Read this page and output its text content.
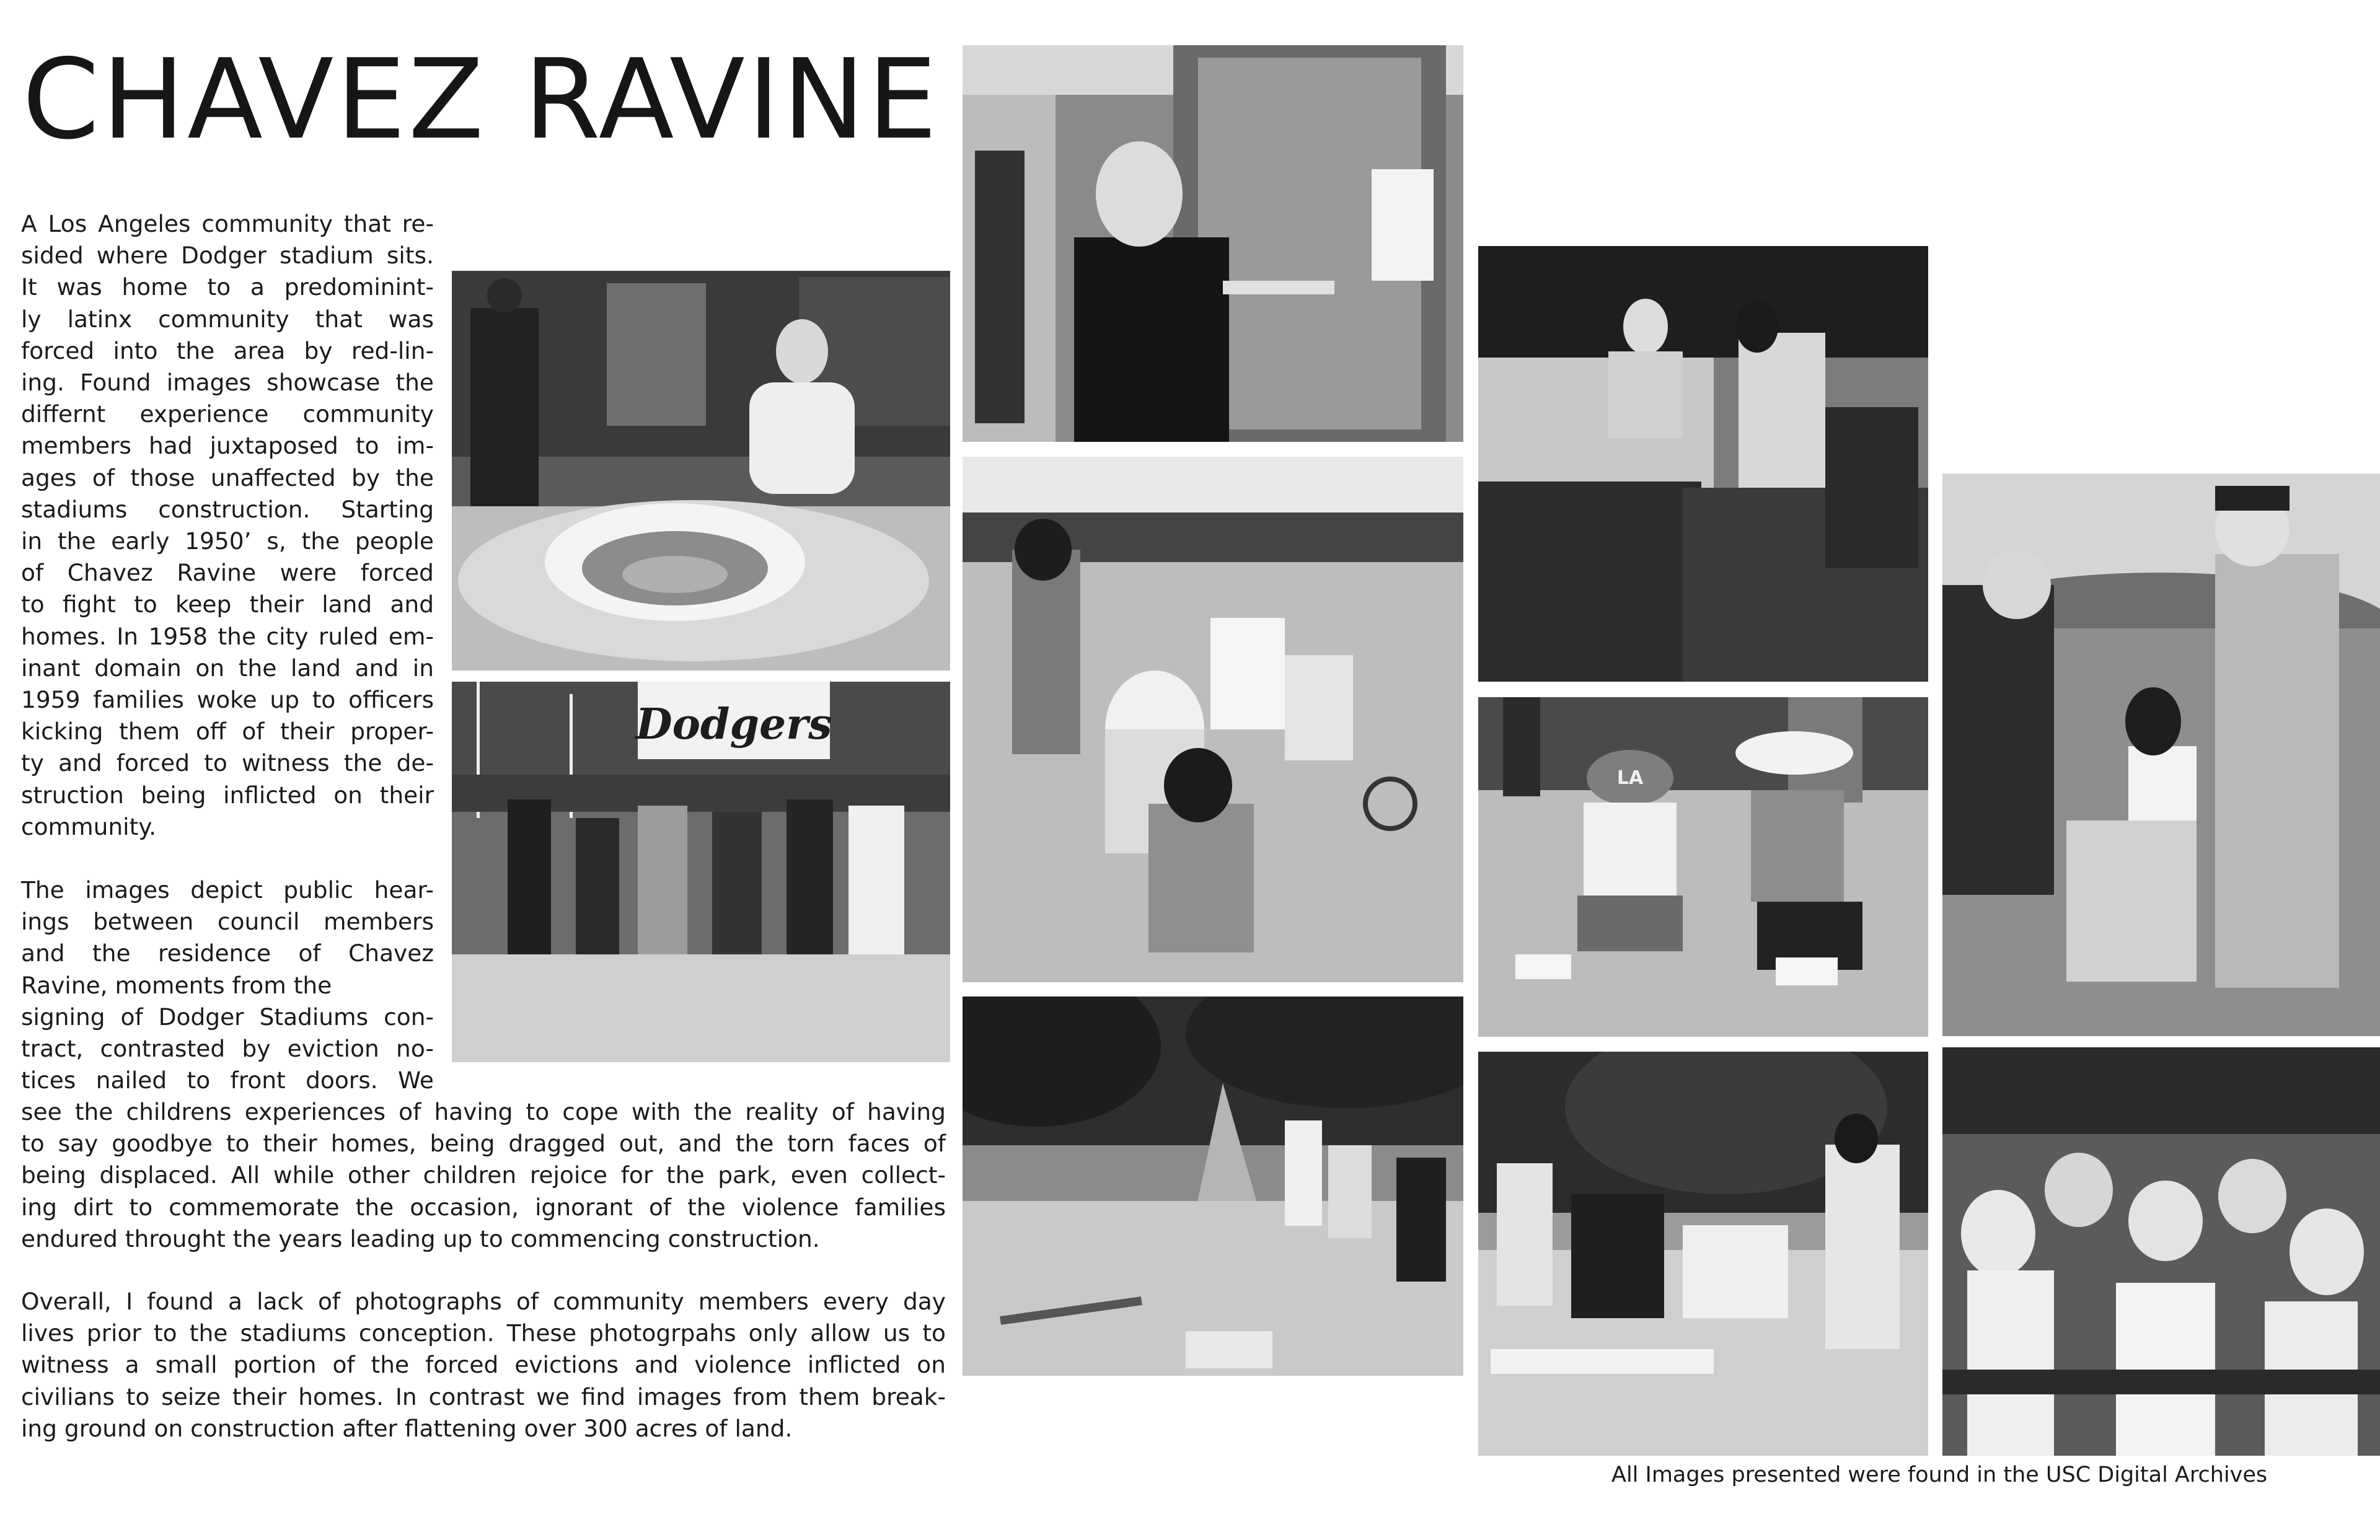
CHAVEZ RAVINE
A Los Angeles community that re-
sided where Dodger stadium sits.
It was home to a predominint-
ly latinx community that was
forced into the area by red-lin-
ing. Found images showcase the
differnt experience community
members had juxtaposed to im-
ages of those unaffected by the
stadiums construction. Starting
in the early 1950’ s, the people
of Chavez Ravine were forced
to fight to keep their land and
homes. In 1958 the city ruled em-
inant domain on the land and in
1959 families woke up to officers
kicking them off of their proper-
ty and forced to witness the de-
struction being inflicted on their
community.
The images depict public hear-
ings between council members
and the residence of Chavez
Ravine, moments from the
signing of Dodger Stadiums con-
tract, contrasted by eviction no-
tices nailed to front doors. We
see the childrens experiences of having to cope with the reality of having
to say goodbye to their homes, being dragged out, and the torn faces of
being displaced. All while other children rejoice for the park, even collect-
ing dirt to commemorate the occasion, ignorant of the violence families
endured throught the years leading up to commencing construction.
Overall, I found a lack of photographs of community members every day
lives prior to the stadiums conception. These photogrpahs only allow us to
witness a small portion of the forced evictions and violence inflicted on
civilians to seize their homes. In contrast we find images from them break-
ing ground on construction after flattening over 300 acres of land.
Dodgers
LA
All Images presented were found in the USC Digital Archives
